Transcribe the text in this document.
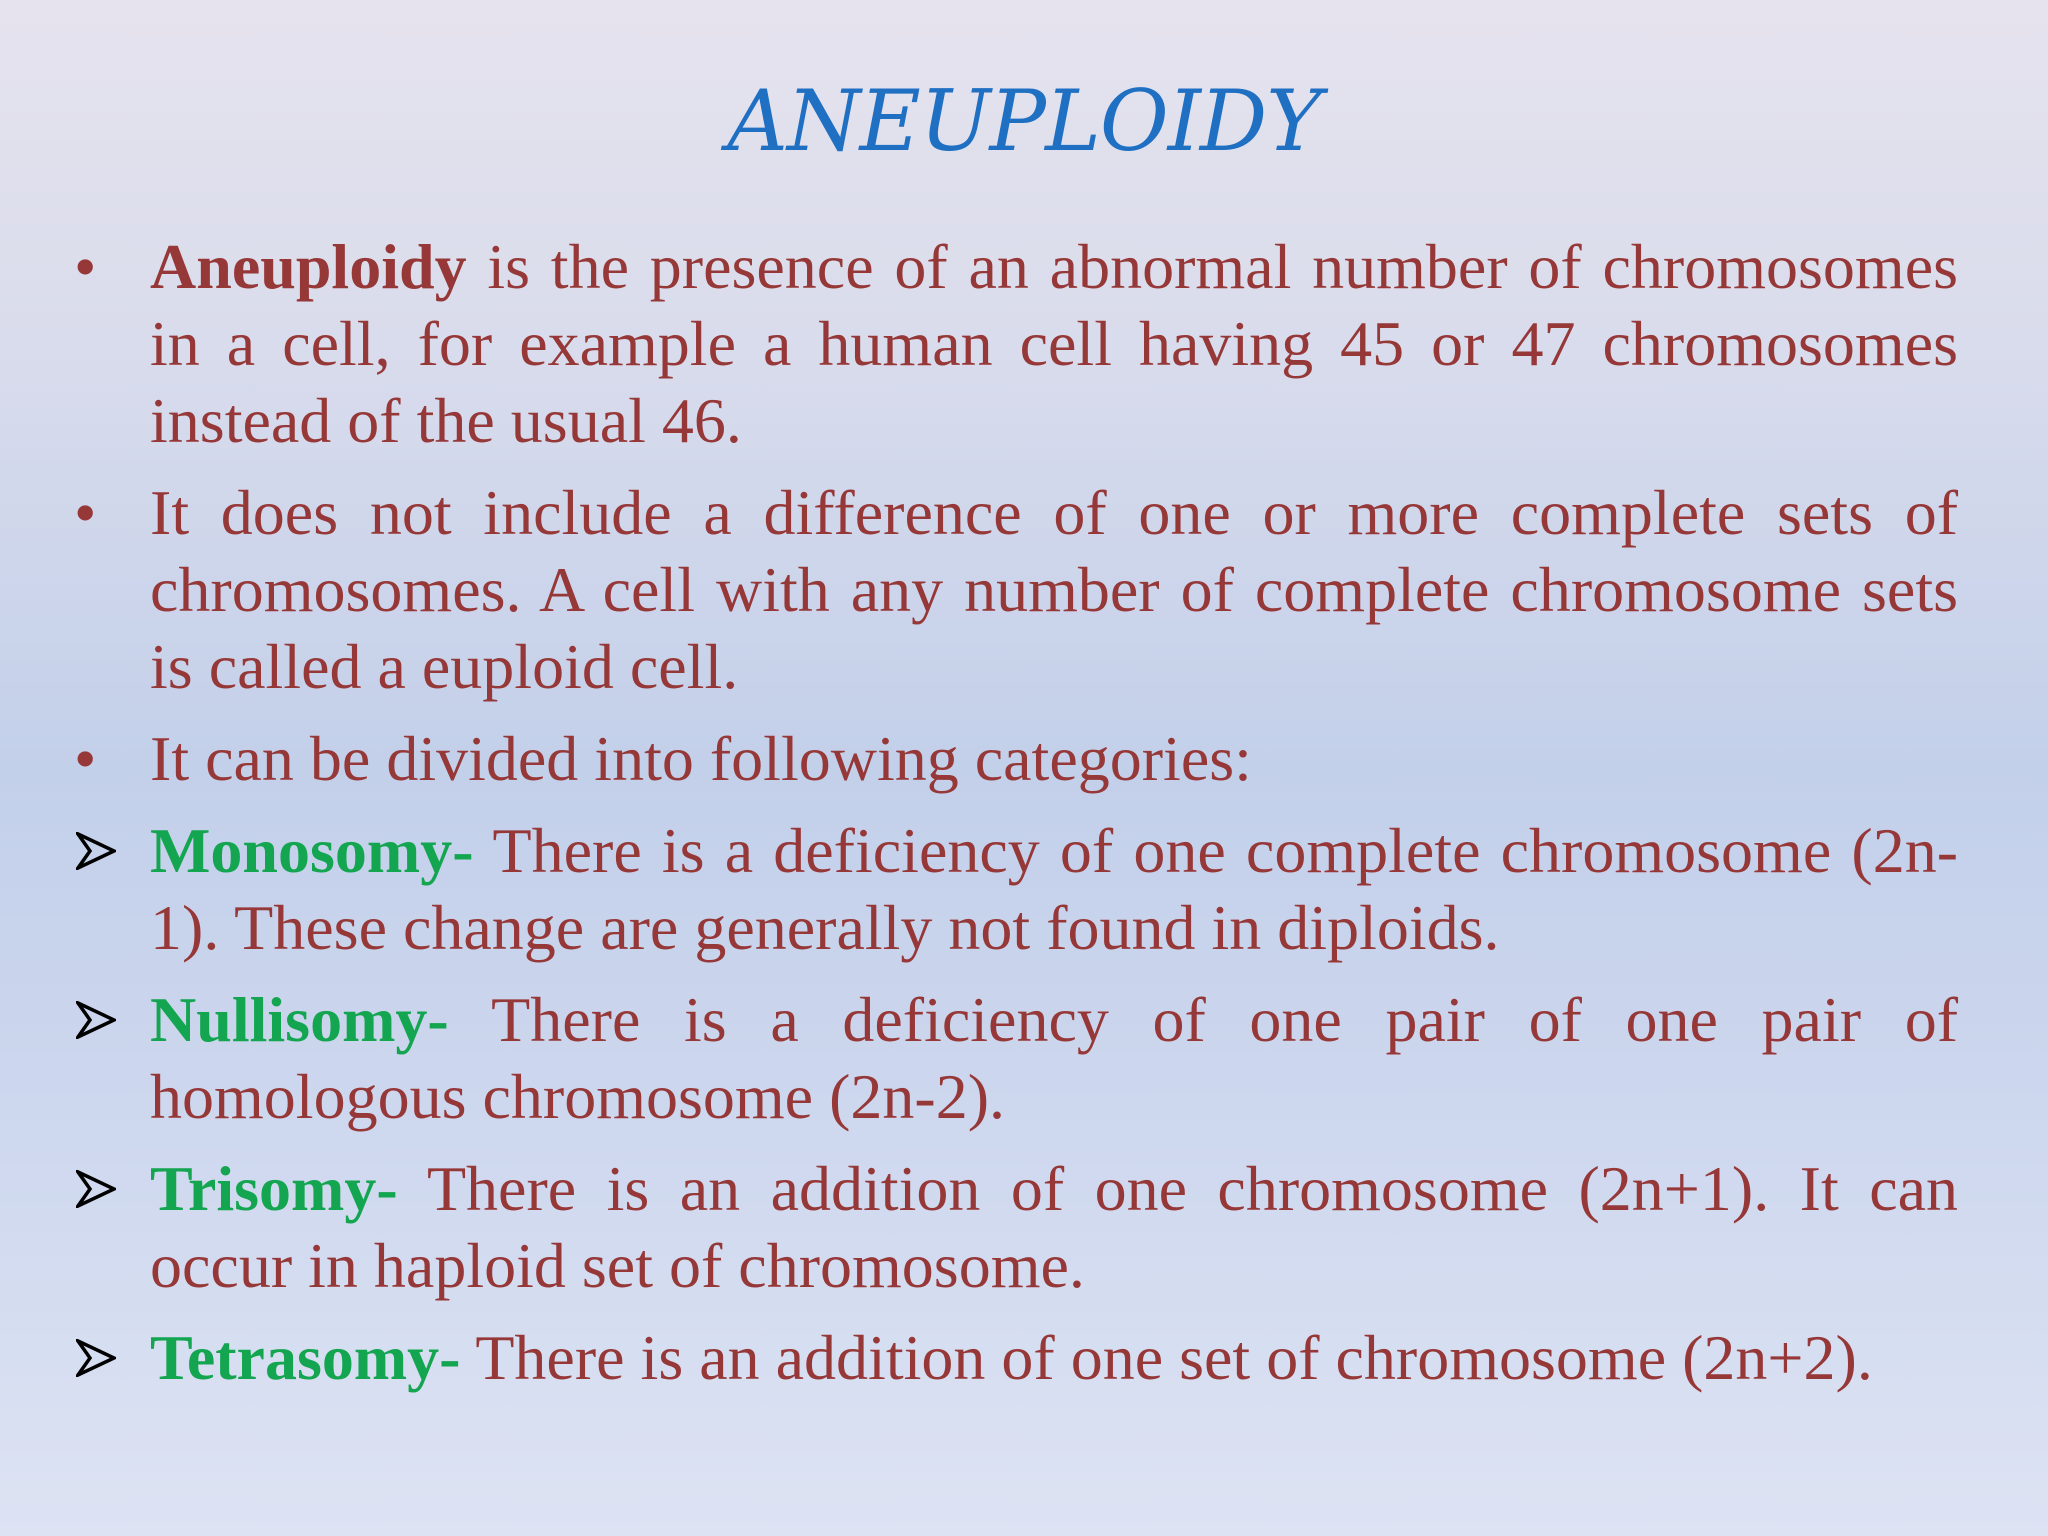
ANEUPLOIDY
• Aneuploidy is the presence of an abnormal number of chromosomes in a cell, for example a human cell having 45 or 47 chromosomes instead of the usual 46.
• It does not include a difference of one or more complete sets of chromosomes. A cell with any number of complete chromosome sets is called a euploid cell.
• It can be divided into following categories:
Monosomy- There is a deficiency of one complete chromosome (2n-1). These change are generally not found in diploids.
Nullisomy- There is a deficiency of one pair of one pair of homologous chromosome (2n-2).
Trisomy- There is an addition of one chromosome (2n+1). It can occur in haploid set of chromosome.
Tetrasomy- There is an addition of one set of chromosome (2n+2).
